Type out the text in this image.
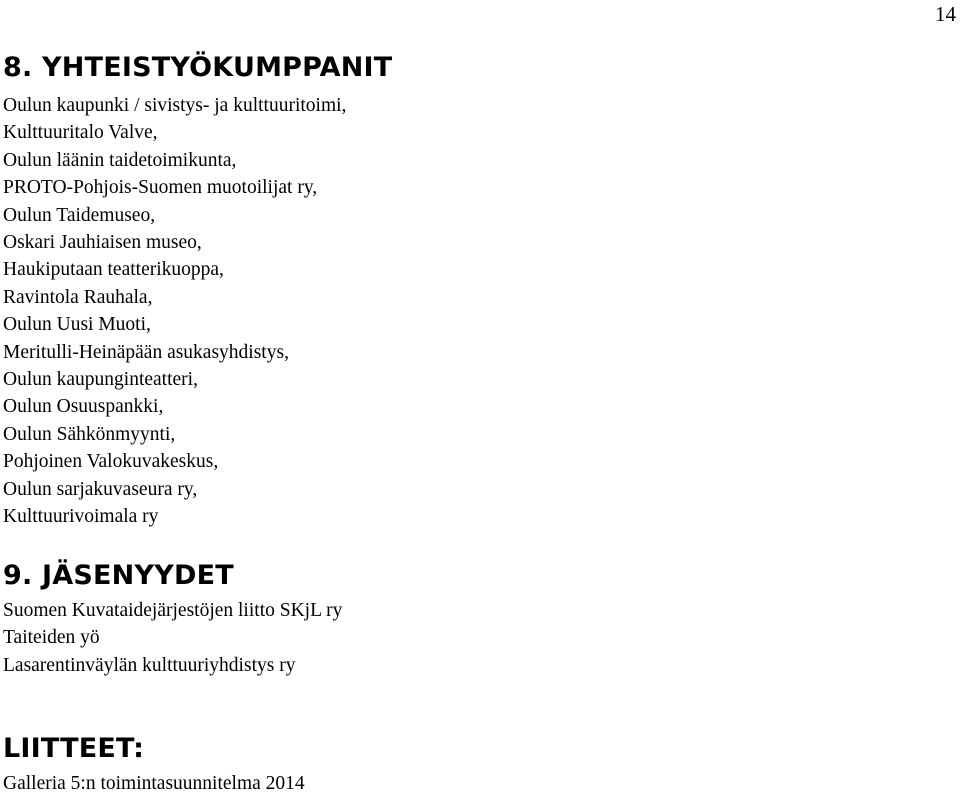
14
8. YHTEISTYÖKUMPPANIT
Oulun kaupunki / sivistys- ja kulttuuritoimi,
Kulttuuritalo Valve,
Oulun läänin taidetoimikunta,
PROTO-Pohjois-Suomen muotoilijat ry,
Oulun Taidemuseo,
Oskari Jauhiaisen museo,
Haukiputaan teatterikuoppa,
Ravintola Rauhala,
Oulun Uusi Muoti,
Meritulli-Heinäpään asukasyhdistys,
Oulun kaupunginteatteri,
Oulun Osuuspankki,
Oulun Sähkönmyynti,
Pohjoinen Valokuvakeskus,
Oulun sarjakuvaseura ry,
Kulttuurivoimala ry
9. JÄSENYYDET
Suomen Kuvataidejärjestöjen liitto SKjL ry
Taiteiden yö
Lasarentinväylän kulttuuriyhdistys ry
LIITTEET:
Galleria 5:n toimintasuunnitelma 2014
